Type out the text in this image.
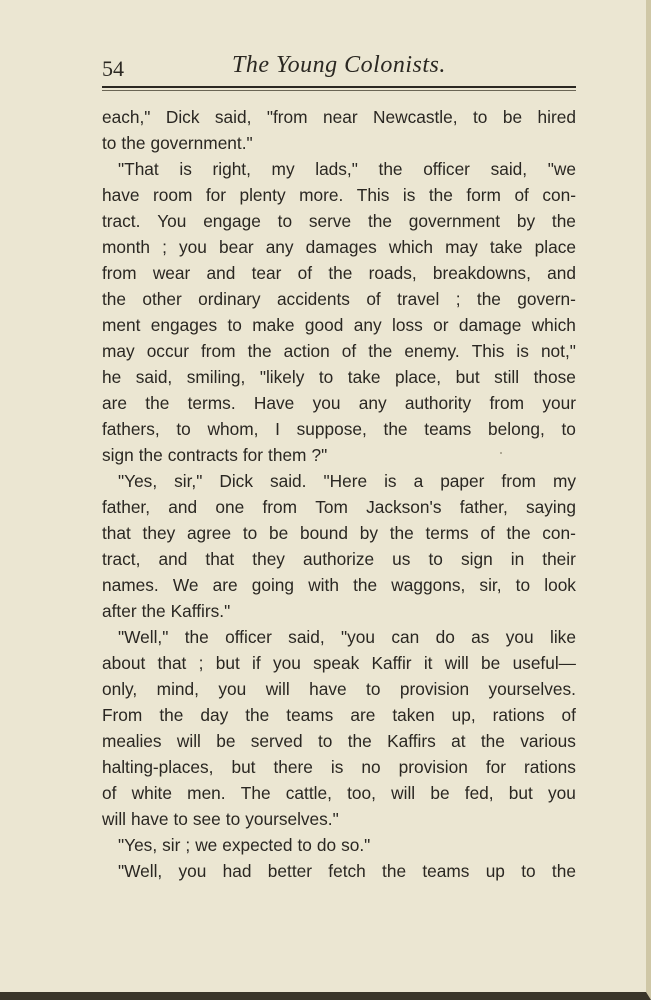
54	The Young Colonists.
each," Dick said, "from near Newcastle, to be hired
to the government."
"That is right, my lads," the officer said, "we
have room for plenty more. This is the form of con-
tract. You engage to serve the government by the
month ; you bear any damages which may take place
from wear and tear of the roads, breakdowns, and
the other ordinary accidents of travel ; the govern-
ment engages to make good any loss or damage which
may occur from the action of the enemy. This is not,"
he said, smiling, "likely to take place, but still those
are the terms. Have you any authority from your
fathers, to whom, I suppose, the teams belong, to
sign the contracts for them ?"
"Yes, sir," Dick said. "Here is a paper from my
father, and one from Tom Jackson's father, saying
that they agree to be bound by the terms of the con-
tract, and that they authorize us to sign in their
names. We are going with the waggons, sir, to look
after the Kaffirs."
"Well," the officer said, "you can do as you like
about that ; but if you speak Kaffir it will be useful—
only, mind, you will have to provision yourselves.
From the day the teams are taken up, rations of
mealies will be served to the Kaffirs at the various
halting-places, but there is no provision for rations
of white men. The cattle, too, will be fed, but you
will have to see to yourselves."
"Yes, sir ; we expected to do so."
"Well, you had better fetch the teams up to the
